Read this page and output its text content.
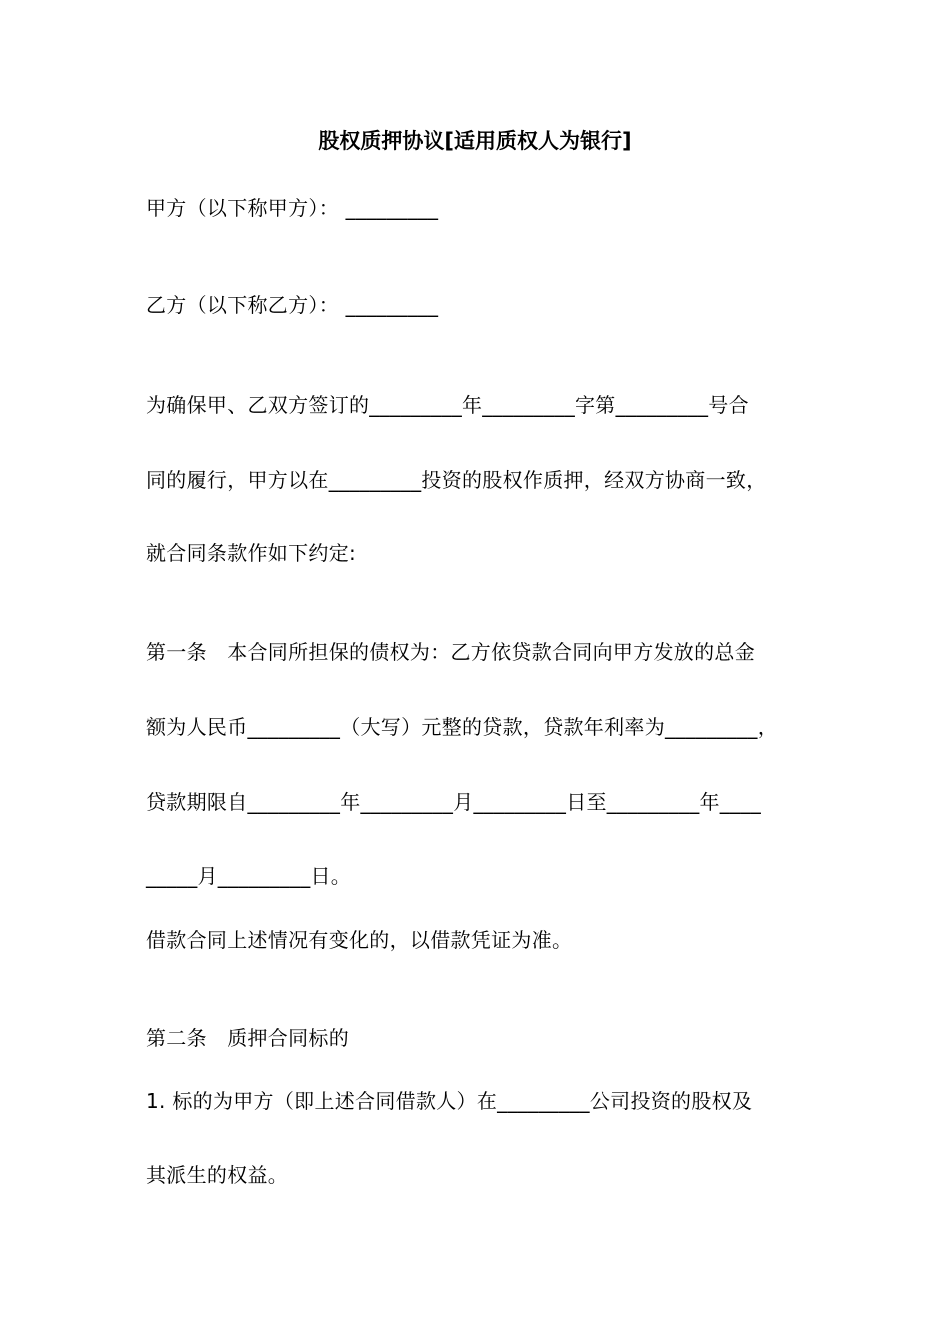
股权质押协议[适用质权人为银行]
甲方（以下称甲方）： _________
乙方（以下称乙方）： _________
为确保甲、乙双方签订的_________年_________字第_________号合
同的履行，甲方以在_________投资的股权作质押，经双方协商一致，
就合同条款作如下约定:
第一条　本合同所担保的债权为：乙方依贷款合同向甲方发放的总金
额为人民币_________（大写）元整的贷款，贷款年利率为_________，
贷款期限自_________年_________月_________日至_________年____
_____月_________日。
借款合同上述情况有变化的，以借款凭证为准。
第二条　质押合同标的
1. 标的为甲方（即上述合同借款人）在_________公司投资的股权及
其派生的权益。
